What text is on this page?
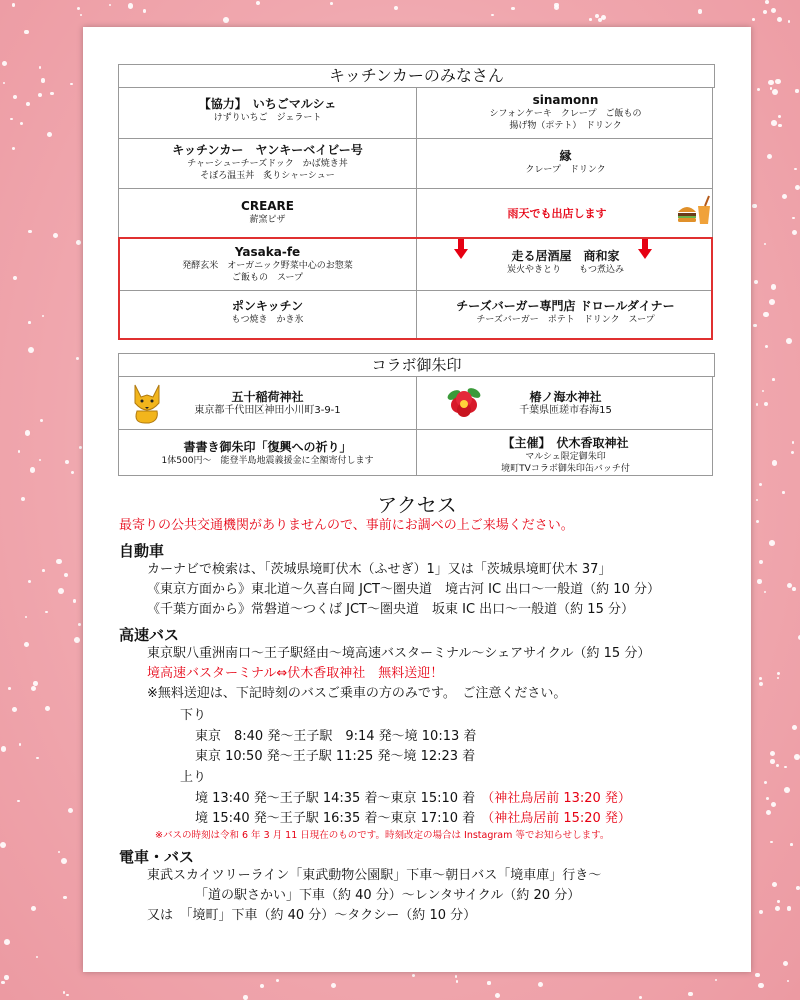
キッチンカーのみなさん
【協力】　いちごマルシェ
けずりいちご　ジェラート
sinamonn
シフォンケーキ　クレープ　ご飯もの
揚げ物（ポテト）　ドリンク
キッチンカー　ヤンキーベイビー号
チャーシューチーズドック　かば焼き丼
そぼろ温玉丼　炙りシャーシュー
縁
クレープ　ドリンク
CREARE
薪窯ピザ	雨天でも出店します
Yasaka-fe
発酵玄米　オーガニック野菜中心のお惣菜
ご飯もの　スープ
走る居酒屋　商和家
炭火やきとり　　もつ煮込み
ポンキッチン
もつ焼き　かき氷
チーズバーガー専門店 ドロールダイナー
チーズバーガー　ポテト　ドリンク　スープ
コラボ御朱印
五十稲荷神社
東京都千代田区神田小川町3-9-1
椿ノ海水神社
千葉県匝瑳市春海15
書書き御朱印「復興への祈り」
1体500円～　能登半島地震義援金に全額寄付します
【主催】　伏木香取神社
マルシェ限定御朱印
境町TVコラボ御朱印缶バッチ付
アクセス
最寄りの公共交通機関がありませんので、事前にお調べの上ご来場ください。
自動車
カーナビで検索は、「茨城県境町伏木（ふせぎ）1」又は「茨城県境町伏木 37」
《東京方面から》東北道～久喜白岡 JCT～圏央道　境古河 IC 出口～一般道（約 10 分）
《千葉方面から》常磐道～つくば JCT～圏央道　坂東 IC 出口～一般道（約 15 分）
高速バス
東京駅八重洲南口～王子駅経由～境高速バスターミナル～シェアサイクル（約 15 分）
境高速バスターミナル⇔伏木香取神社　無料送迎！
※無料送迎は、下記時刻のバスご乗車の方のみです。　ご注意ください。
下り
東京　8:40 発～王子駅　9:14 発～境 10:13 着
東京 10:50 発～王子駅 11:25 発～境 12:23 着
上り
境 13:40 発～王子駅 14:35 着～東京 15:10 着 （神社鳥居前 13:20 発）
境 15:40 発～王子駅 16:35 着～東京 17:10 着 （神社鳥居前 15:20 発）
※バスの時刻は令和 6 年 3 月 11 日現在のものです。時刻改定の場合は Instagram 等でお知らせします。
電車・バス
東武スカイツリーライン「東武動物公園駅」下車～朝日バス「境車庫」行き～
「道の駅さかい」下車（約 40 分）～レンタサイクル（約 20 分）
又は　「境町」下車（約 40 分）～タクシー（約 10 分）
